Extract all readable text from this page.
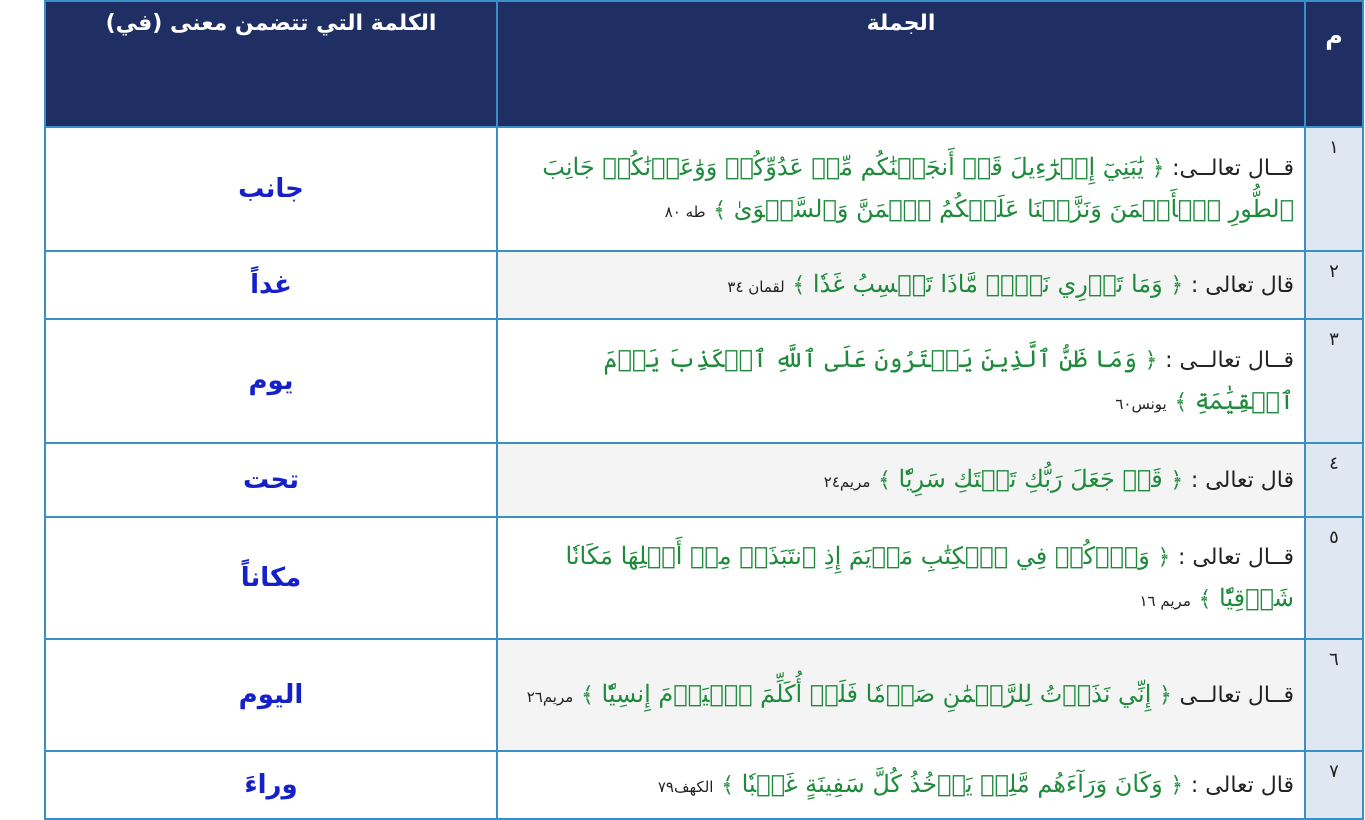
م	الجملة	الكلمة التي تتضمن معنى (في)
١	قــال تعالــى: ﴿ يَٰبَنِيٓ إِسۡرَٰٓءِيلَ قَدۡ أَنجَيۡنَٰكُم مِّنۡ عَدُوِّكُمۡ وَوَٰعَدۡنَٰكُمۡ جَانِبَ ٱلطُّورِ ٱلۡأَيۡمَنَ وَنَزَّلۡنَا عَلَيۡكُمُ ٱلۡمَنَّ وَٱلسَّلۡوَىٰ ﴾ طه ٨٠	جانب
٢	قال تعالى : ﴿ وَمَا تَدۡرِي نَفۡسٞ مَّاذَا تَكۡسِبُ غَدٗا ﴾ لقمان ٣٤	غداً
٣	قــال تعالــى : ﴿ وَمَا ظَنُّ ٱلَّذِينَ يَفۡتَرُونَ عَلَى ٱللَّهِ ٱلۡكَذِبَ يَوۡمَ ٱلۡقِيَٰمَةِ ﴾ يونس٦٠	يوم
٤	قال تعالى : ﴿ قَدۡ جَعَلَ رَبُّكِ تَحۡتَكِ سَرِيّٗا ﴾ مريم٢٤	تحت
٥	قــال تعالى : ﴿ وَٱذۡكُرۡ فِي ٱلۡكِتَٰبِ مَرۡيَمَ إِذِ ٱنتَبَذَتۡ مِنۡ أَهۡلِهَا مَكَانٗا شَرۡقِيّٗا ﴾ مريم ١٦	مكاناً
٦	قــال تعالــى ﴿ إِنِّي نَذَرۡتُ لِلرَّحۡمَٰنِ صَوۡمٗا فَلَنۡ أُكَلِّمَ ٱلۡيَوۡمَ إِنسِيّٗا ﴾ مريم٢٦	اليوم
٧	قال تعالى : ﴿ وَكَانَ وَرَآءَهُم مَّلِكٞ يَأۡخُذُ كُلَّ سَفِينَةٍ غَصۡبٗا ﴾ الكهف٧٩	وراءَ
